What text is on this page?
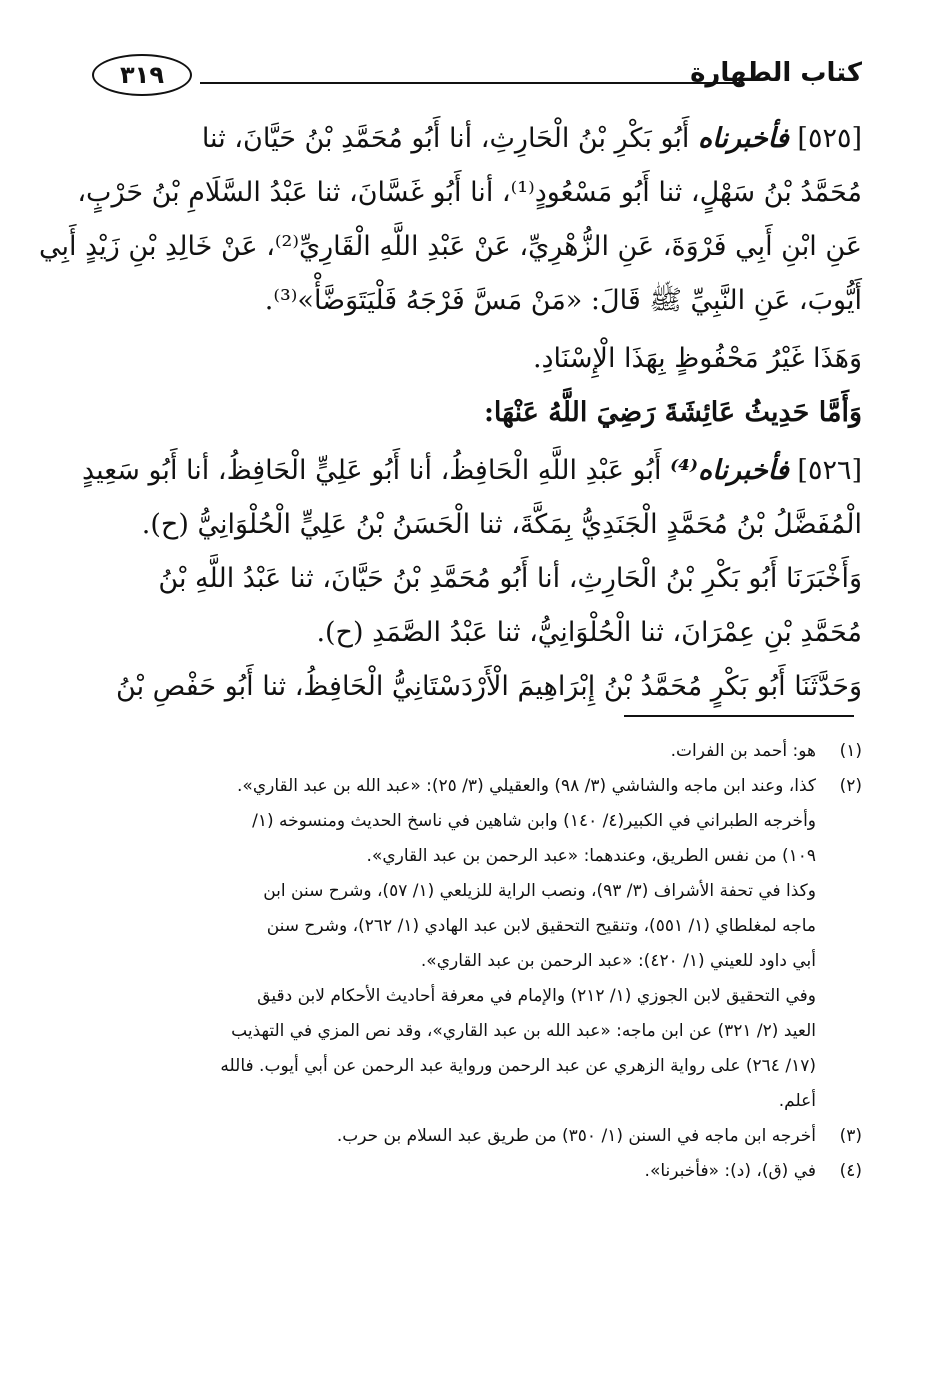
كتاب الطهارة
٣١٩

[٥٢٥] فأخبرناه أَبُو بَكْرِ بْنُ الْحَارِثِ، أنا أَبُو مُحَمَّدِ بْنُ حَيَّانَ، ثنا
مُحَمَّدُ بْنُ سَهْلٍ، ثنا أَبُو مَسْعُودٍ⁽¹⁾، أنا أَبُو غَسَّانَ، ثنا عَبْدُ السَّلَامِ بْنُ حَرْبٍ،
عَنِ ابْنِ أَبِي فَرْوَةَ، عَنِ الزُّهْرِيِّ، عَنْ عَبْدِ اللَّهِ الْقَارِيِّ⁽²⁾، عَنْ خَالِدِ بْنِ زَيْدٍ أَبِي
أَيُّوبَ، عَنِ النَّبِيِّ ﷺ قَالَ: «مَنْ مَسَّ فَرْجَهُ فَلْيَتَوَضَّأْ»⁽³⁾.

وَهَذَا غَيْرُ مَحْفُوظٍ بِهَذَا الْإِسْنَادِ.

وَأَمَّا حَدِيثُ عَائِشَةَ رَضِيَ اللَّهُ عَنْهَا:

[٥٢٦] فأخبرناه⁽⁴⁾ أَبُو عَبْدِ اللَّهِ الْحَافِظُ، أنا أَبُو عَلِيٍّ الْحَافِظُ، أنا أَبُو سَعِيدٍ
الْمُفَضَّلُ بْنُ مُحَمَّدٍ الْجَنَدِيُّ بِمَكَّةَ، ثنا الْحَسَنُ بْنُ عَلِيٍّ الْحُلْوَانِيُّ (ح).

وَأَخْبَرَنَا أَبُو بَكْرِ بْنُ الْحَارِثِ، أنا أَبُو مُحَمَّدِ بْنُ حَيَّانَ، ثنا عَبْدُ اللَّهِ بْنُ
مُحَمَّدِ بْنِ عِمْرَانَ، ثنا الْحُلْوَانِيُّ، ثنا عَبْدُ الصَّمَدِ (ح).

وَحَدَّثَنَا أَبُو بَكْرٍ مُحَمَّدُ بْنُ إِبْرَاهِيمَ الْأَرْدَسْتَانِيُّ الْحَافِظُ، ثنا أَبُو حَفْصِ بْنُ

(١)
هو: أحمد بن الفرات.

(٢)
كذا، وعند ابن ماجه والشاشي (٣/ ٩٨) والعقيلي (٣/ ٢٥): «عبد الله بن عبد القاري».
وأخرجه الطبراني في الكبير(٤/ ١٤٠) وابن شاهين في ناسخ الحديث ومنسوخه (١/
١٠٩) من نفس الطريق، وعندهما: «عبد الرحمن بن عبد القاري».
وكذا في تحفة الأشراف (٣/ ٩٣)، ونصب الراية للزيلعي (١/ ٥٧)، وشرح سنن ابن
ماجه لمغلطاي (١/ ٥٥١)، وتنقيح التحقيق لابن عبد الهادي (١/ ٢٦٢)، وشرح سنن
أبي داود للعيني (١/ ٤٢٠): «عبد الرحمن بن عبد القاري».
وفي التحقيق لابن الجوزي (١/ ٢١٢) والإمام في معرفة أحاديث الأحكام لابن دقيق
العيد (٢/ ٣٢١) عن ابن ماجه: «عبد الله بن عبد القاري»، وقد نص المزي في التهذيب
(١٧/ ٢٦٤) على رواية الزهري عن عبد الرحمن ورواية عبد الرحمن عن أبي أيوب. فالله
أعلم.

(٣)
أخرجه ابن ماجه في السنن (١/ ٣٥٠) من طريق عبد السلام بن حرب.

(٤)
في (ق)، (د): «فأخبرنا».
